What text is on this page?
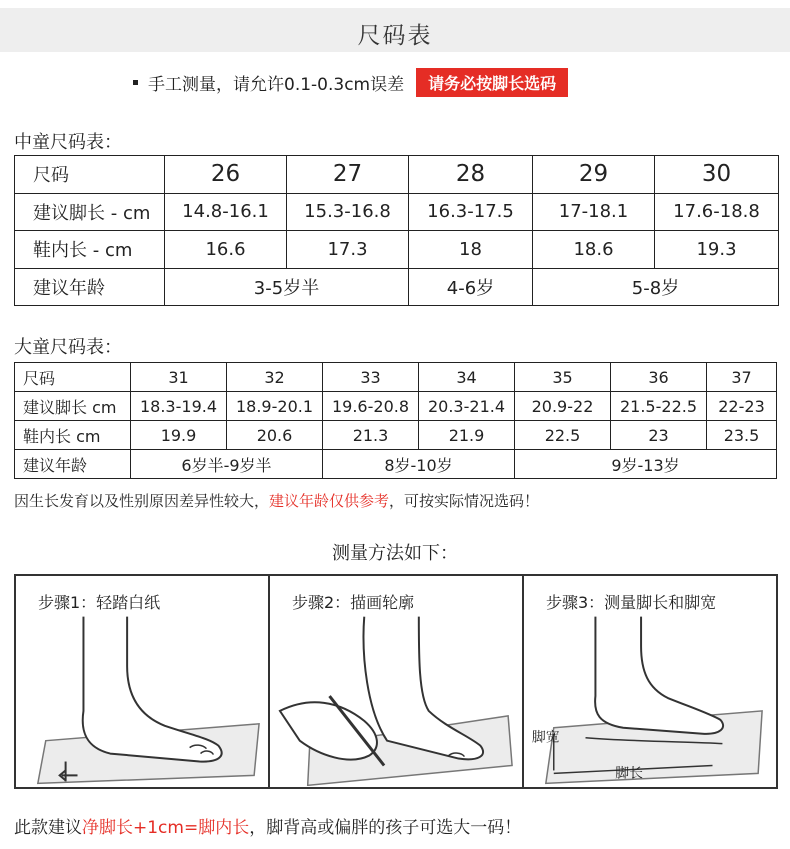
尺码表
手工测量，请允许0.1-0.3cm误差	请务必按脚长选码
中童尺码表：
尺码	26	27	28	29	30
建议脚长 - cm	14.8-16.1	15.3-16.8	16.3-17.5	17-18.1	17.6-18.8
鞋内长 - cm	16.6	17.3	18	18.6	19.3
建议年龄	3-5岁半		4-6岁	5-8岁	
大童尺码表：
尺码	31	32	33	34	35	36	37
建议脚长 cm	18.3-19.4	18.9-20.1	19.6-20.8	20.3-21.4	20.9-22	21.5-22.5	22-23
鞋内长 cm	19.9	20.6	21.3	21.9	22.5	23	23.5
建议年龄	6岁半-9岁半		8岁-10岁		9岁-13岁		
因生长发育以及性别原因差异性较大，建议年龄仅供参考，可按实际情况选码！
测量方法如下：
步骤1：轻踏白纸	步骤2：描画轮廓	步骤3：测量脚长和脚宽
脚宽
脚长
此款建议净脚长+1cm=脚内长，脚背高或偏胖的孩子可选大一码！
